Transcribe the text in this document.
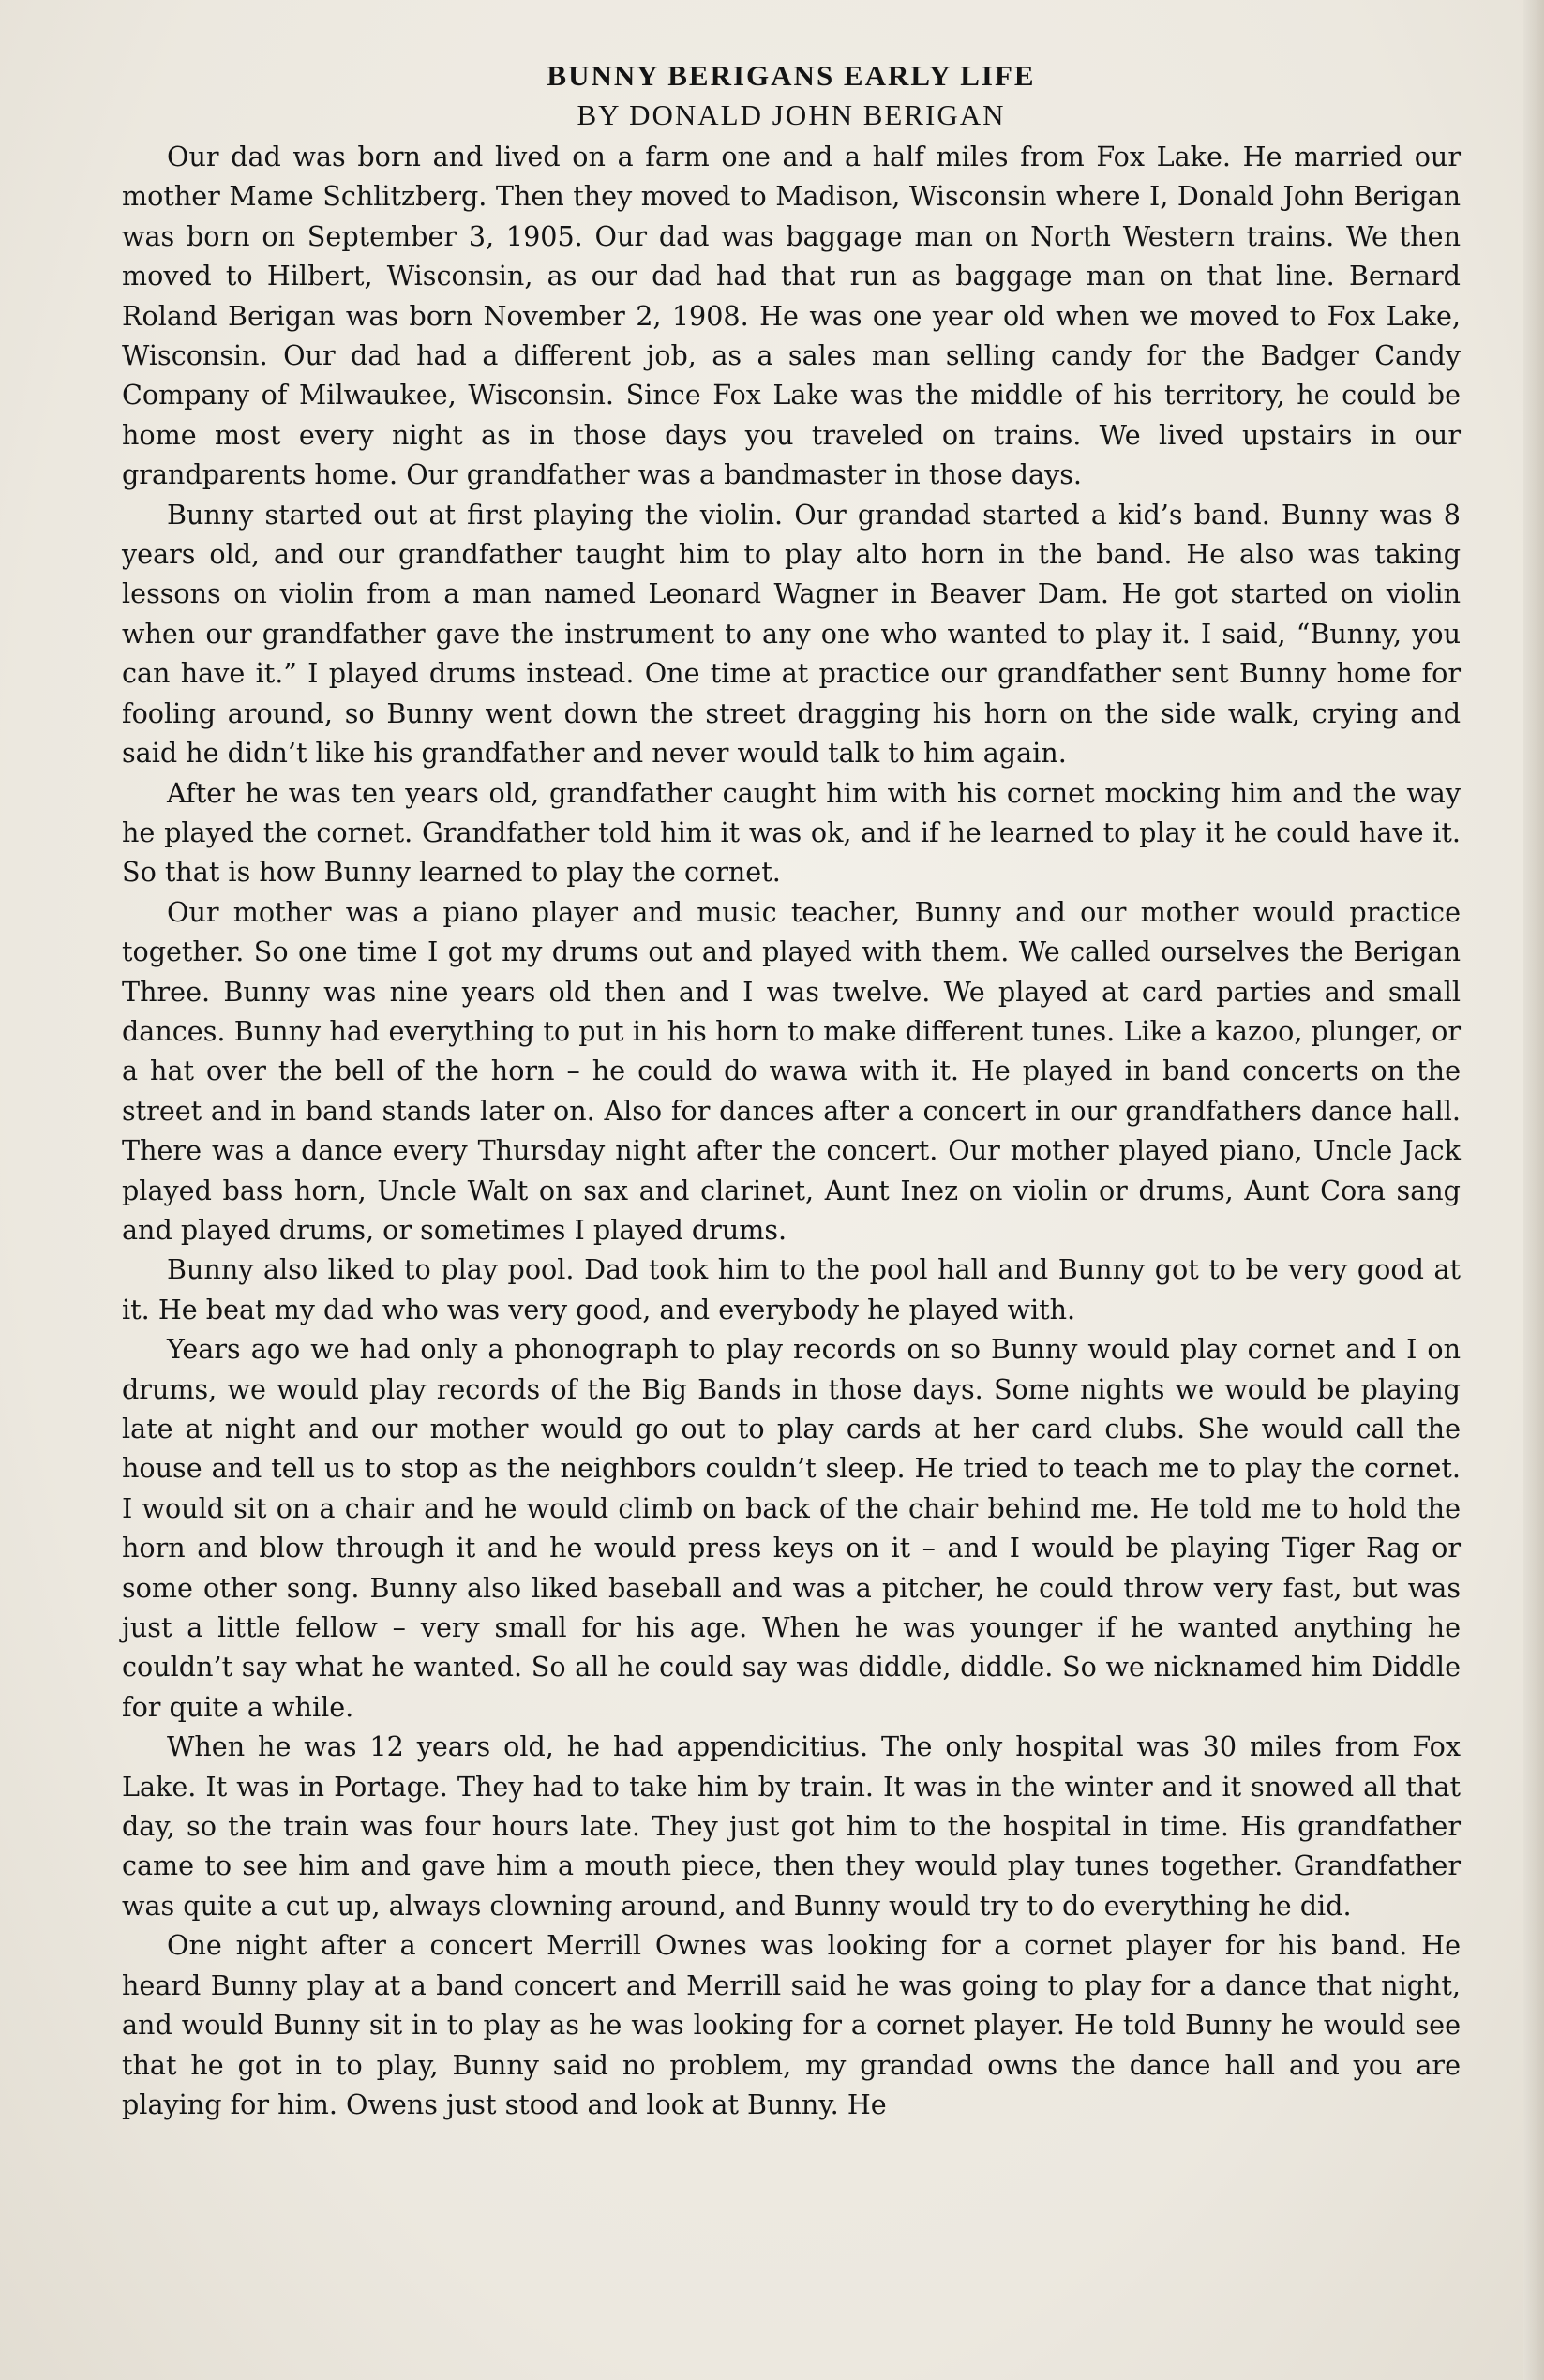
BUNNY BERIGANS EARLY LIFE

BY DONALD JOHN BERIGAN

Our dad was born and lived on a farm one and a half miles from Fox Lake. He married our mother Mame Schlitzberg. Then they moved to Madison, Wisconsin where I, Donald John Berigan was born on September 3, 1905. Our dad was baggage man on North Western trains. We then moved to Hilbert, Wisconsin, as our dad had that run as baggage man on that line. Bernard Roland Berigan was born November 2, 1908. He was one year old when we moved to Fox Lake, Wisconsin. Our dad had a different job, as a sales man selling candy for the Badger Candy Company of Milwaukee, Wisconsin. Since Fox Lake was the middle of his territory, he could be home most every night as in those days you traveled on trains. We lived upstairs in our grandparents home. Our grandfather was a bandmaster in those days.

Bunny started out at first playing the violin. Our grandad started a kid’s band. Bunny was 8 years old, and our grandfather taught him to play alto horn in the band. He also was taking lessons on violin from a man named Leonard Wagner in Beaver Dam. He got started on violin when our grandfather gave the instrument to any one who wanted to play it. I said, “Bunny, you can have it.” I played drums instead. One time at practice our grandfather sent Bunny home for fooling around, so Bunny went down the street dragging his horn on the side walk, crying and said he didn’t like his grandfather and never would talk to him again.

After he was ten years old, grandfather caught him with his cornet mocking him and the way he played the cornet. Grandfather told him it was ok, and if he learned to play it he could have it. So that is how Bunny learned to play the cornet.

Our mother was a piano player and music teacher, Bunny and our mother would practice together. So one time I got my drums out and played with them. We called ourselves the Berigan Three. Bunny was nine years old then and I was twelve. We played at card parties and small dances. Bunny had everything to put in his horn to make different tunes. Like a kazoo, plunger, or a hat over the bell of the horn – he could do wawa with it. He played in band concerts on the street and in band stands later on. Also for dances after a concert in our grandfathers dance hall. There was a dance every Thursday night after the concert. Our mother played piano, Uncle Jack played bass horn, Uncle Walt on sax and clarinet, Aunt Inez on violin or drums, Aunt Cora sang and played drums, or sometimes I played drums.

Bunny also liked to play pool. Dad took him to the pool hall and Bunny got to be very good at it. He beat my dad who was very good, and everybody he played with.

Years ago we had only a phonograph to play records on so Bunny would play cornet and I on drums, we would play records of the Big Bands in those days. Some nights we would be playing late at night and our mother would go out to play cards at her card clubs. She would call the house and tell us to stop as the neighbors couldn’t sleep. He tried to teach me to play the cornet. I would sit on a chair and he would climb on back of the chair behind me. He told me to hold the horn and blow through it and he would press keys on it – and I would be playing Tiger Rag or some other song. Bunny also liked baseball and was a pitcher, he could throw very fast, but was just a little fellow – very small for his age. When he was younger if he wanted anything he couldn’t say what he wanted. So all he could say was diddle, diddle. So we nicknamed him Diddle for quite a while.

When he was 12 years old, he had appendicitius. The only hospital was 30 miles from Fox Lake. It was in Portage. They had to take him by train. It was in the winter and it snowed all that day, so the train was four hours late. They just got him to the hospital in time. His grandfather came to see him and gave him a mouth piece, then they would play tunes together. Grandfather was quite a cut up, always clowning around, and Bunny would try to do everything he did.

One night after a concert Merrill Ownes was looking for a cornet player for his band. He heard Bunny play at a band concert and Merrill said he was going to play for a dance that night, and would Bunny sit in to play as he was looking for a cornet player. He told Bunny he would see that he got in to play, Bunny said no problem, my grandad owns the dance hall and you are playing for him. Owens just stood and look at Bunny. He
